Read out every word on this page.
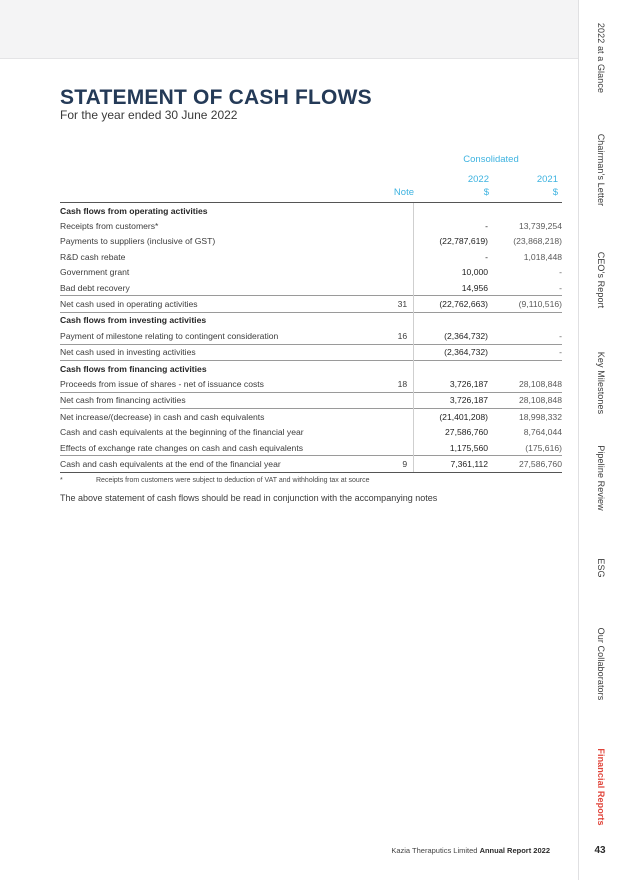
STATEMENT OF CASH FLOWS
For the year ended 30 June 2022
Consolidated
2022	2021
Note	$	$
Cash flows from operating activities			
Receipts from customers*		-	13,739,254
Payments to suppliers (inclusive of GST)		(22,787,619)	(23,868,218)
R&D cash rebate		-	1,018,448
Government grant		10,000	-
Bad debt recovery		14,956	-
Net cash used in operating activities	31	(22,762,663)	(9,110,516)
Cash flows from investing activities			
Payment of milestone relating to contingent consideration	16	(2,364,732)	-
Net cash used in investing activities		(2,364,732)	-
Cash flows from financing activities			
Proceeds from issue of shares - net of issuance costs	18	3,726,187	28,108,848
Net cash from financing activities		3,726,187	28,108,848
Net increase/(decrease) in cash and cash equivalents		(21,401,208)	18,998,332
Cash and cash equivalents at the beginning of the financial year		27,586,760	8,764,044
Effects of exchange rate changes on cash and cash equivalents		1,175,560	(175,616)
Cash and cash equivalents at the end of the financial year	9	7,361,112	27,586,760
*	Receipts from customers were subject to deduction of VAT and withholding tax at source
The above statement of cash flows should be read in conjunction with the accompanying notes
2022 at a Glance
Chairman’s Letter
CEO’s Report
Key Milestones
Pipeline Review
ESG
Our Collaborators
Financial Reports
43
Kazia Theraputics Limited Annual Report 2022
